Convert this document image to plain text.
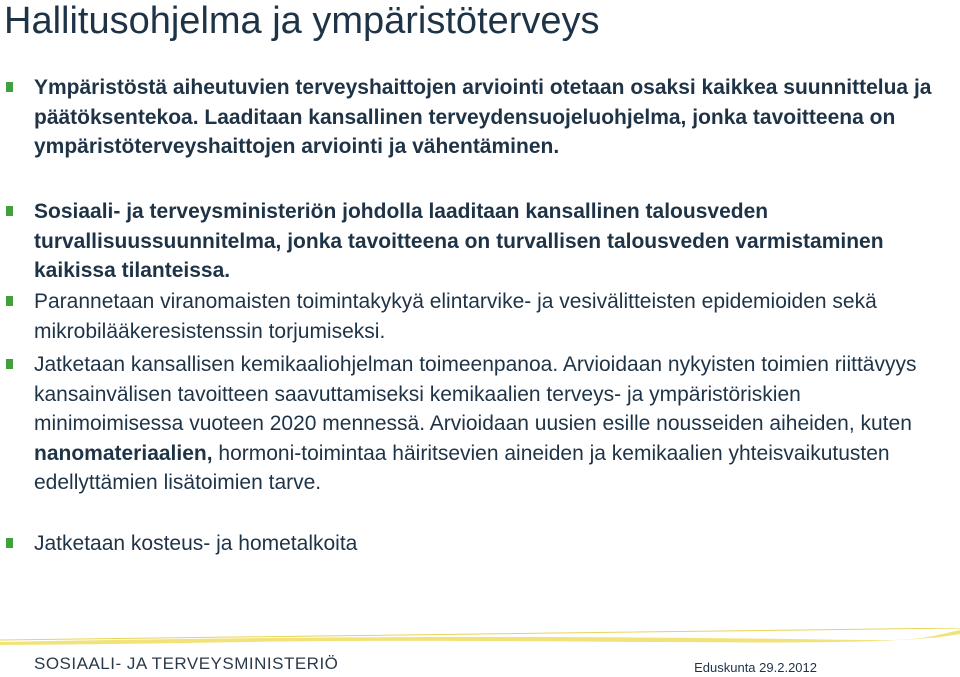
Hallitusohjelma ja ympäristöterveys

Ympäristöstä aiheutuvien terveyshaittojen arviointi otetaan osaksi kaikkea suunnittelua ja päätöksentekoa. Laaditaan kansallinen terveydensuojeluohjelma, jonka tavoitteena on ympäristöterveyshaittojen arviointi ja vähentäminen.

Sosiaali- ja terveysministeriön johdolla laaditaan kansallinen talousveden turvallisuussuunnitelma, jonka tavoitteena on turvallisen talousveden varmistaminen kaikissa tilanteissa.

Parannetaan viranomaisten toimintakykyä elintarvike- ja vesivälitteisten epidemioiden sekä mikrobilääkeresistenssin torjumiseksi.

Jatketaan kansallisen kemikaaliohjelman toimeenpanoa. Arvioidaan nykyisten toimien riittävyys kansainvälisen tavoitteen saavuttamiseksi kemikaalien terveys- ja ympäristöriskien minimoimisessa vuoteen 2020 mennessä. Arvioidaan uusien esille nousseiden aiheiden, kuten nanomateriaalien, hormoni-toimintaa häiritsevien aineiden ja kemikaalien yhteisvaikutusten edellyttämien lisätoimien tarve.

Jatketaan kosteus- ja hometalkoita

SOSIAALI- JA TERVEYSMINISTERIÖ	Eduskunta 29.2.2012
